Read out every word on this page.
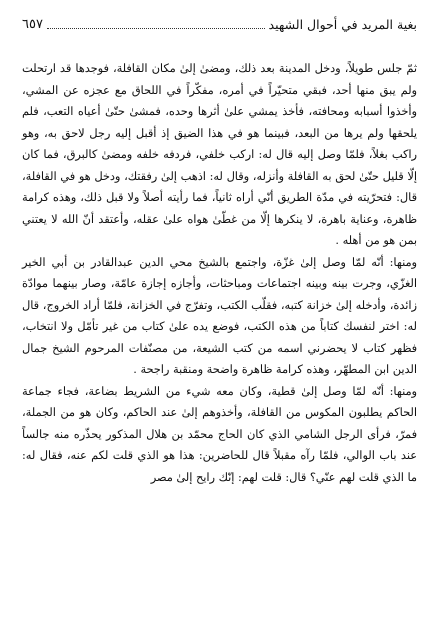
بغية المريد في أحوال الشهيد
٦٥٧

ثمّ جلس طويلاً، ودخل المدينة بعد ذلك، ومضىٰ إلىٰ مكان القافلة، فوجدها قد ارتحلت ولم يبق منها أحد، فبقي متحيّراً في أمره، مفكّراً في اللحاق مع عجزه عن المشي، وأخذوا أسبابه ومحافته، فأخذ يمشي علىٰ أثرها وحده، فمشىٰ حتّىٰ أعياه التعب، فلم يلحقها ولم يرها من البعد، فبينما هو في هذا الضيق إذ أقبل إليه رجل لاحق به، وهو راكب بغلاً، فلمّا وصل إليه قال له: اركب خلفي، فردفه خلفه ومضىٰ كالبرق، فما كان إلّا قليل حتّىٰ لحق به القافلة وأنزله، وقال له: اذهب إلىٰ رفقتك، ودخل هو في القافلة، قال: فتحرّيته في مدّة الطريق أنّي أراه ثانياً، فما رأيته أصلاً ولا قبل ذلك، وهذه كرامة ظاهرة، وعناية باهرة، لا ينكرها إلّا من غطّىٰ هواه علىٰ عقله، وأعتقد أنّ الله لا يعتني بمن هو من أهله .

ومنها: أنّه لمّا وصل إلىٰ غزّة، واجتمع بالشيخ محي الدين عبدالقادر بن أبي الخير الغزّي، وجرت بينه وبينه اجتماعات ومباحثات، وأجازه إجازة عامّة، وصار بينهما موادّة زائدة، وأدخله إلىٰ خزانة كتبه، فقلّب الكتب، وتفرّج في الخزانة، فلمّا أراد الخروج، قال له: اختر لنفسك كتاباً من هذه الكتب، فوضع يده علىٰ كتاب من غير تأمّل ولا انتخاب، فظهر كتاب لا يحضرني اسمه من كتب الشيعة، من مصنّفات المرحوم الشيخ جمال الدين ابن المطهّر، وهذه كرامة ظاهرة واضحة ومنقبة راجحة .

ومنها: أنّه لمّا وصل إلىٰ قطية، وكان معه شيء من الشريط بضاعة، فجاء جماعة الحاكم يطلبون المكوس من القافلة، وأخذوهم إلىٰ عند الحاكم، وكان هو من الجملة، فمرّ، فرأى الرجل الشامي الذي كان الحاج محمّد بن هلال المذكور يحذّره منه جالساً عند باب الوالي، فلمّا رآه مقبلاً قال للحاضرين: هذا هو الذي قلت لكم عنه، فقال له: ما الذي قلت لهم عنّي؟ قال: قلت لهم: إنّك رايح إلىٰ مصر
